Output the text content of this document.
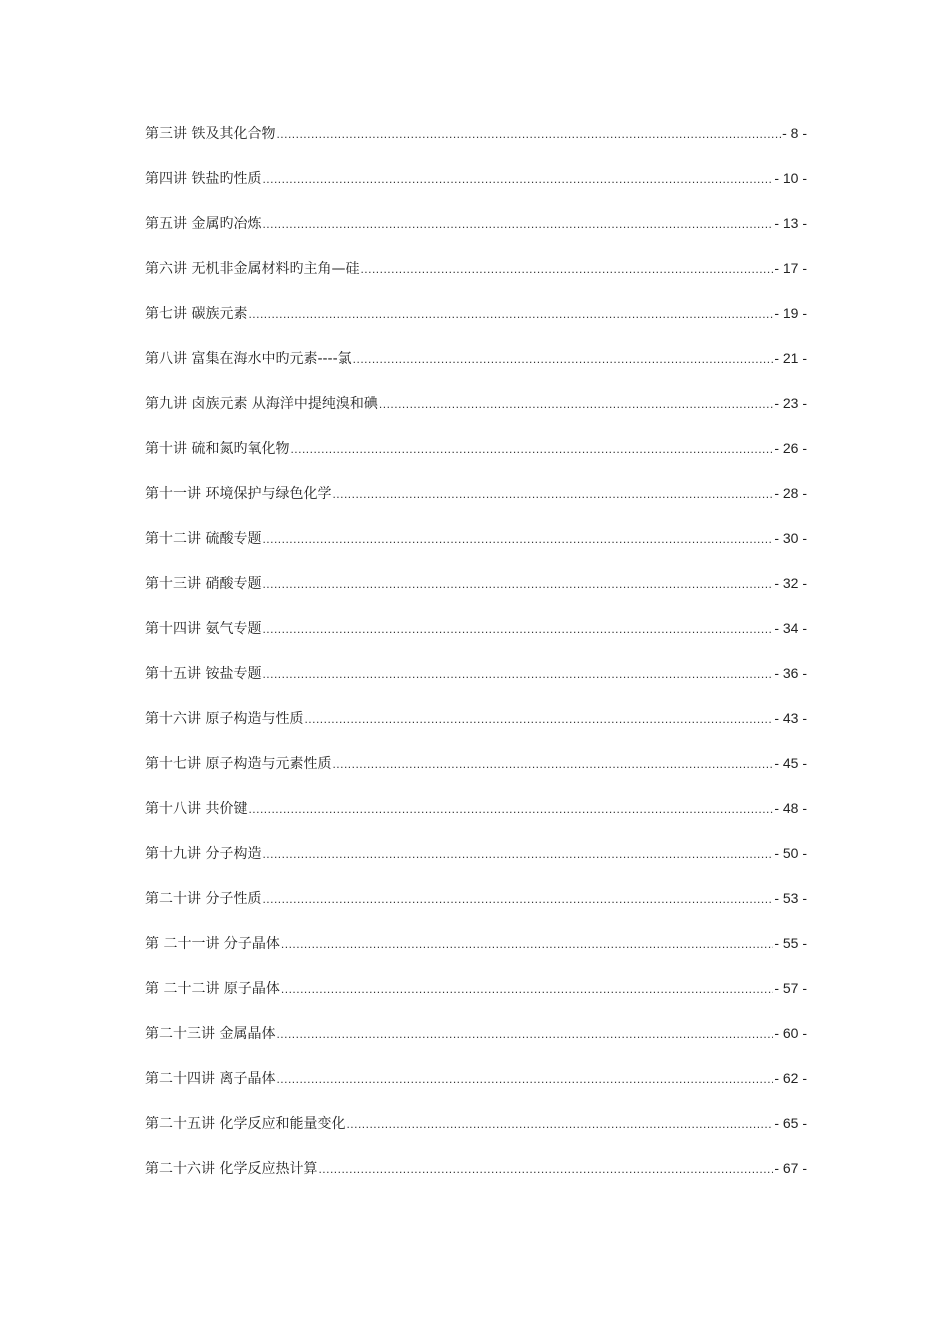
第三讲 铁及其化合物 .....	- 8 -
第四讲 铁盐旳性质 .....	- 10 -
第五讲 金属旳冶炼 .....	- 13 -
第六讲 无机非金属材料旳主角—硅 .....	- 17 -
第七讲 碳族元素 .....	- 19 -
第八讲 富集在海水中旳元素----氯 .....	- 21 -
第九讲 卤族元素 从海洋中提纯溴和碘 .....	- 23 -
第十讲 硫和氮旳氧化物 .....	- 26 -
第十一讲 环境保护与绿色化学 .....	- 28 -
第十二讲 硫酸专题 .....	- 30 -
第十三讲 硝酸专题 .....	- 32 -
第十四讲 氨气专题 .....	- 34 -
第十五讲 铵盐专题 .....	- 36 -
第十六讲 原子构造与性质 .....	- 43 -
第十七讲 原子构造与元素性质 .....	- 45 -
第十八讲 共价键 .....	- 48 -
第十九讲 分子构造 .....	- 50 -
第二十讲 分子性质 .....	- 53 -
第 二十一讲 分子晶体 .....	- 55 -
第 二十二讲 原子晶体 .....	- 57 -
第二十三讲 金属晶体 .....	- 60 -
第二十四讲 离子晶体 .....	- 62 -
第二十五讲 化学反应和能量变化 .....	- 65 -
第二十六讲 化学反应热计算 .....	- 67 -
